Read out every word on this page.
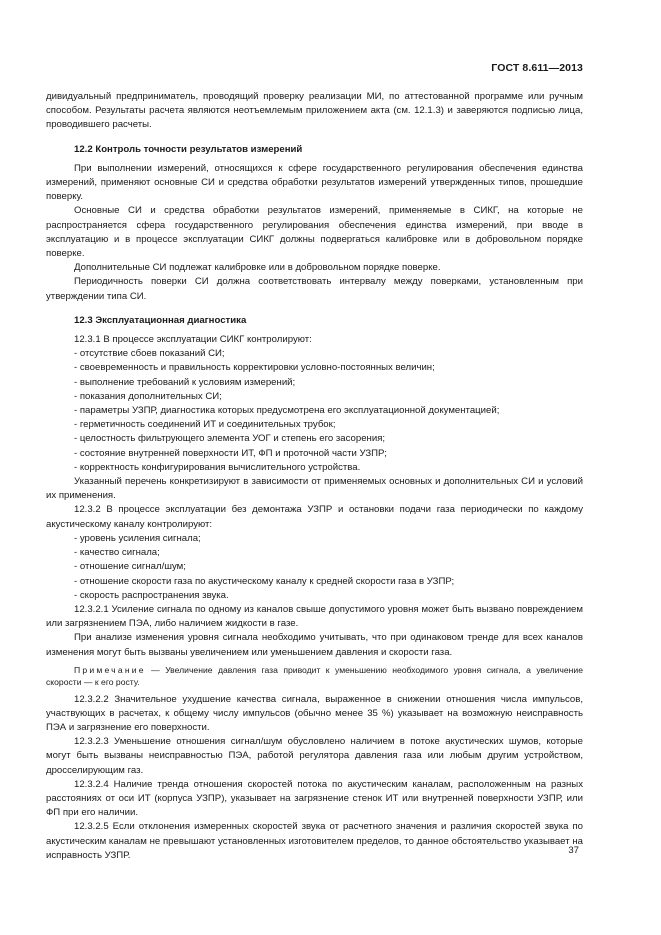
ГОСТ 8.611—2013

дивидуальный предприниматель, проводящий проверку реализации МИ, по аттестованной программе или ручным способом. Результаты расчета являются неотъемлемым приложением акта (см. 12.1.3) и заверяются подписью лица, проводившего расчеты.

12.2 Контроль точности результатов измерений

При выполнении измерений, относящихся к сфере государственного регулирования обеспечения единства измерений, применяют основные СИ и средства обработки результатов измерений утвержденных типов, прошедшие поверку.

Основные СИ и средства обработки результатов измерений, применяемые в СИКГ, на которые не распространяется сфера государственного регулирования обеспечения единства измерений, при вводе в эксплуатацию и в процессе эксплуатации СИКГ должны подвергаться калибровке или в добровольном порядке поверке.

Дополнительные СИ подлежат калибровке или в добровольном порядке поверке.

Периодичность поверки СИ должна соответствовать интервалу между поверками, установленным при утверждении типа СИ.

12.3 Эксплуатационная диагностика

12.3.1 В процессе эксплуатации СИКГ контролируют:

- отсутствие сбоев показаний СИ;
- своевременность и правильность корректировки условно-постоянных величин;
- выполнение требований к условиям измерений;
- показания дополнительных СИ;
- параметры УЗПР, диагностика которых предусмотрена его эксплуатационной документацией;
- герметичность соединений ИТ и соединительных трубок;
- целостность фильтрующего элемента УОГ и степень его засорения;
- состояние внутренней поверхности ИТ, ФП и проточной части УЗПР;
- корректность конфигурирования вычислительного устройства.

Указанный перечень конкретизируют в зависимости от применяемых основных и дополнительных СИ и условий их применения.

12.3.2 В процессе эксплуатации без демонтажа УЗПР и остановки подачи газа периодически по каждому акустическому каналу контролируют:

- уровень усиления сигнала;
- качество сигнала;
- отношение сигнал/шум;
- отношение скорости газа по акустическому каналу к средней скорости газа в УЗПР;
- скорость распространения звука.

12.3.2.1 Усиление сигнала по одному из каналов свыше допустимого уровня может быть вызвано повреждением или загрязнением ПЭА, либо наличием жидкости в газе.

При анализе изменения уровня сигнала необходимо учитывать, что при одинаковом тренде для всех каналов изменения могут быть вызваны увеличением или уменьшением давления и скорости газа.

Примечание — Увеличение давления газа приводит к уменьшению необходимого уровня сигнала, а увеличение скорости — к его росту.

12.3.2.2 Значительное ухудшение качества сигнала, выраженное в снижении отношения числа импульсов, участвующих в расчетах, к общему числу импульсов (обычно менее 35 %) указывает на возможную неисправность ПЭА и загрязнение его поверхности.

12.3.2.3 Уменьшение отношения сигнал/шум обусловлено наличием в потоке акустических шумов, которые могут быть вызваны неисправностью ПЭА, работой регулятора давления газа или любым другим устройством, дросселирующим газ.

12.3.2.4 Наличие тренда отношения скоростей потока по акустическим каналам, расположенным на разных расстояниях от оси ИТ (корпуса УЗПР), указывает на загрязнение стенок ИТ или внутренней поверхности УЗПР, или ФП при его наличии.

12.3.2.5 Если отклонения измеренных скоростей звука от расчетного значения и различия скоростей звука по акустическим каналам не превышают установленных изготовителем пределов, то данное обстоятельство указывает на исправность УЗПР.	37
